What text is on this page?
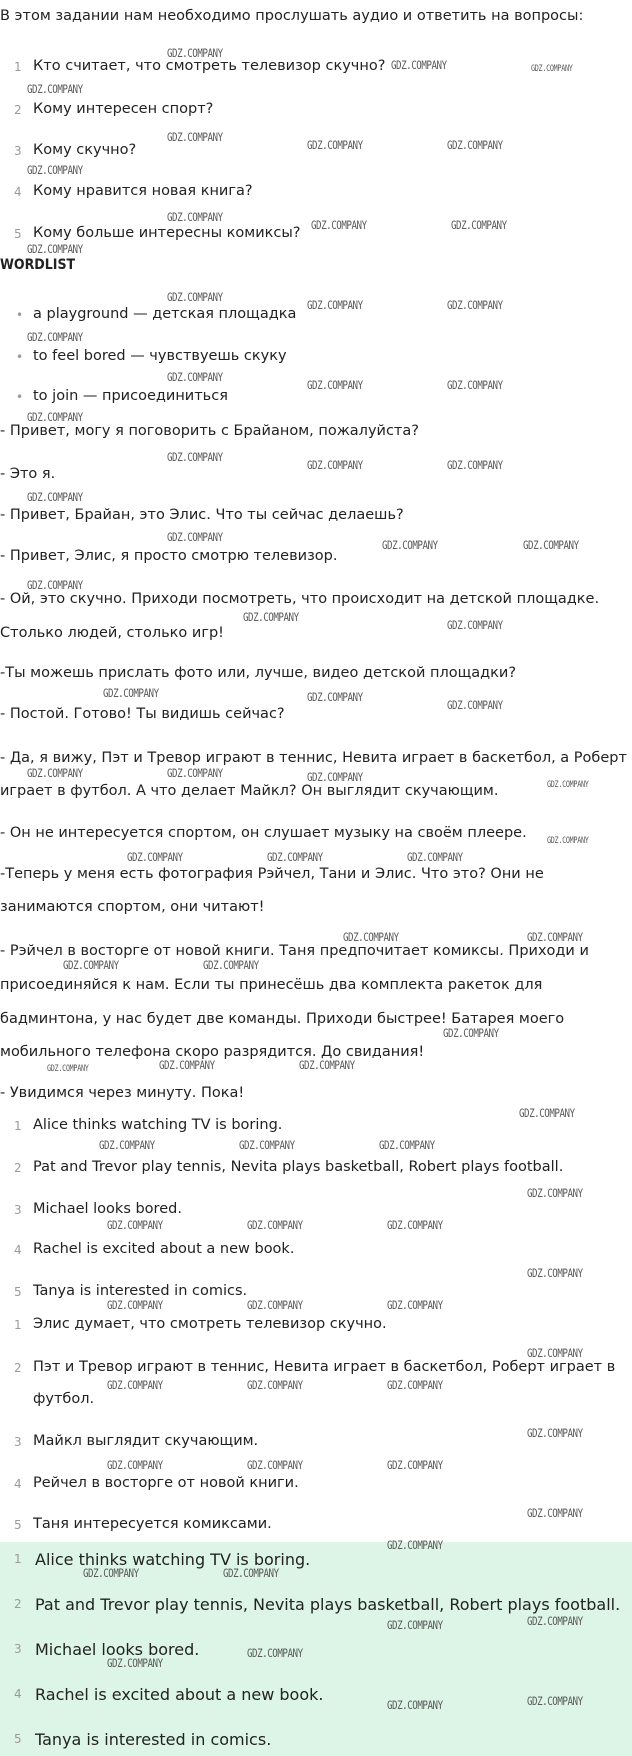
В этом задании нам необходимо прослушать аудио и ответить на вопросы:
1 Кто считает, что смотреть телевизор скучно?
2 Кому интересен спорт?
3 Кому скучно?
4 Кому нравится новая книга?
5 Кому больше интересны комиксы?
WORDLIST
• a playground — детская площадка
• to feel bored — чувствуешь скуку
• to join — присоединиться
- Привет, могу я поговорить с Брайаном, пожалуйста?
- Это я.
- Привет, Брайан, это Элис. Что ты сейчас делаешь?
- Привет, Элис, я просто смотрю телевизор.
- Ой, это скучно. Приходи посмотреть, что происходит на детской площадке.
Столько людей, столько игр!
-Ты можешь прислать фото или, лучше, видео детской площадки?
- Постой. Готово! Ты видишь сейчас?
- Да, я вижу, Пэт и Тревор играют в теннис, Невита играет в баскетбол, а Роберт
играет в футбол. А что делает Майкл? Он выглядит скучающим.
- Он не интересуется спортом, он слушает музыку на своём плеере.
-Теперь у меня есть фотография Рэйчел, Тани и Элис. Что это? Они не
занимаются спортом, они читают!
- Рэйчел в восторге от новой книги. Таня предпочитает комиксы. Приходи и
присоединяйся к нам. Если ты принесёшь два комплекта ракеток для
бадминтона, у нас будет две команды. Приходи быстрее! Батарея моего
мобильного телефона скоро разрядится. До свидания!
- Увидимся через минуту. Пока!
1 Alice thinks watching TV is boring.
2 Pat and Trevor play tennis, Nevita plays basketball, Robert plays football.
3 Michael looks bored.
4 Rachel is excited about a new book.
5 Tanya is interested in comics.
1 Элис думает, что смотреть телевизор скучно.
2 Пэт и Тревор играют в теннис, Невита играет в баскетбол, Роберт играет в
футбол.
3 Майкл выглядит скучающим.
4 Рейчел в восторге от новой книги.
5 Таня интересуется комиксами.
1 Alice thinks watching TV is boring.
2 Pat and Trevor play tennis, Nevita plays basketball, Robert plays football.
3 Michael looks bored.
4 Rachel is excited about a new book.
5 Tanya is interested in comics.
GDZ.COMPANY
GDZ.COMPANY	GDZ.COMPANY
GDZ.COMPANY
GDZ.COMPANY
GDZ.COMPANY	GDZ.COMPANY
GDZ.COMPANY
GDZ.COMPANY
GDZ.COMPANY	GDZ.COMPANY
GDZ.COMPANY
GDZ.COMPANY
GDZ.COMPANY	GDZ.COMPANY
GDZ.COMPANY
GDZ.COMPANY
GDZ.COMPANY	GDZ.COMPANY
GDZ.COMPANY
GDZ.COMPANY
GDZ.COMPANY	GDZ.COMPANY
GDZ.COMPANY
GDZ.COMPANY
GDZ.COMPANY	GDZ.COMPANY
GDZ.COMPANY
GDZ.COMPANY
GDZ.COMPANY
GDZ.COMPANY	GDZ.COMPANY
GDZ.COMPANY
GDZ.COMPANY	GDZ.COMPANY	GDZ.COMPANY
GDZ.COMPANY
GDZ.COMPANY
GDZ.COMPANY	GDZ.COMPANY	GDZ.COMPANY
GDZ.COMPANY	GDZ.COMPANY
GDZ.COMPANY	GDZ.COMPANY
GDZ.COMPANY
GDZ.COMPANY	GDZ.COMPANY	GDZ.COMPANY
GDZ.COMPANY
GDZ.COMPANY	GDZ.COMPANY	GDZ.COMPANY
GDZ.COMPANY
GDZ.COMPANY	GDZ.COMPANY	GDZ.COMPANY
GDZ.COMPANY
GDZ.COMPANY	GDZ.COMPANY	GDZ.COMPANY
GDZ.COMPANY
GDZ.COMPANY	GDZ.COMPANY	GDZ.COMPANY
GDZ.COMPANY
GDZ.COMPANY	GDZ.COMPANY	GDZ.COMPANY
GDZ.COMPANY
GDZ.COMPANY
GDZ.COMPANY	GDZ.COMPANY
GDZ.COMPANY	GDZ.COMPANY
GDZ.COMPANY
GDZ.COMPANY
GDZ.COMPANY	GDZ.COMPANY
